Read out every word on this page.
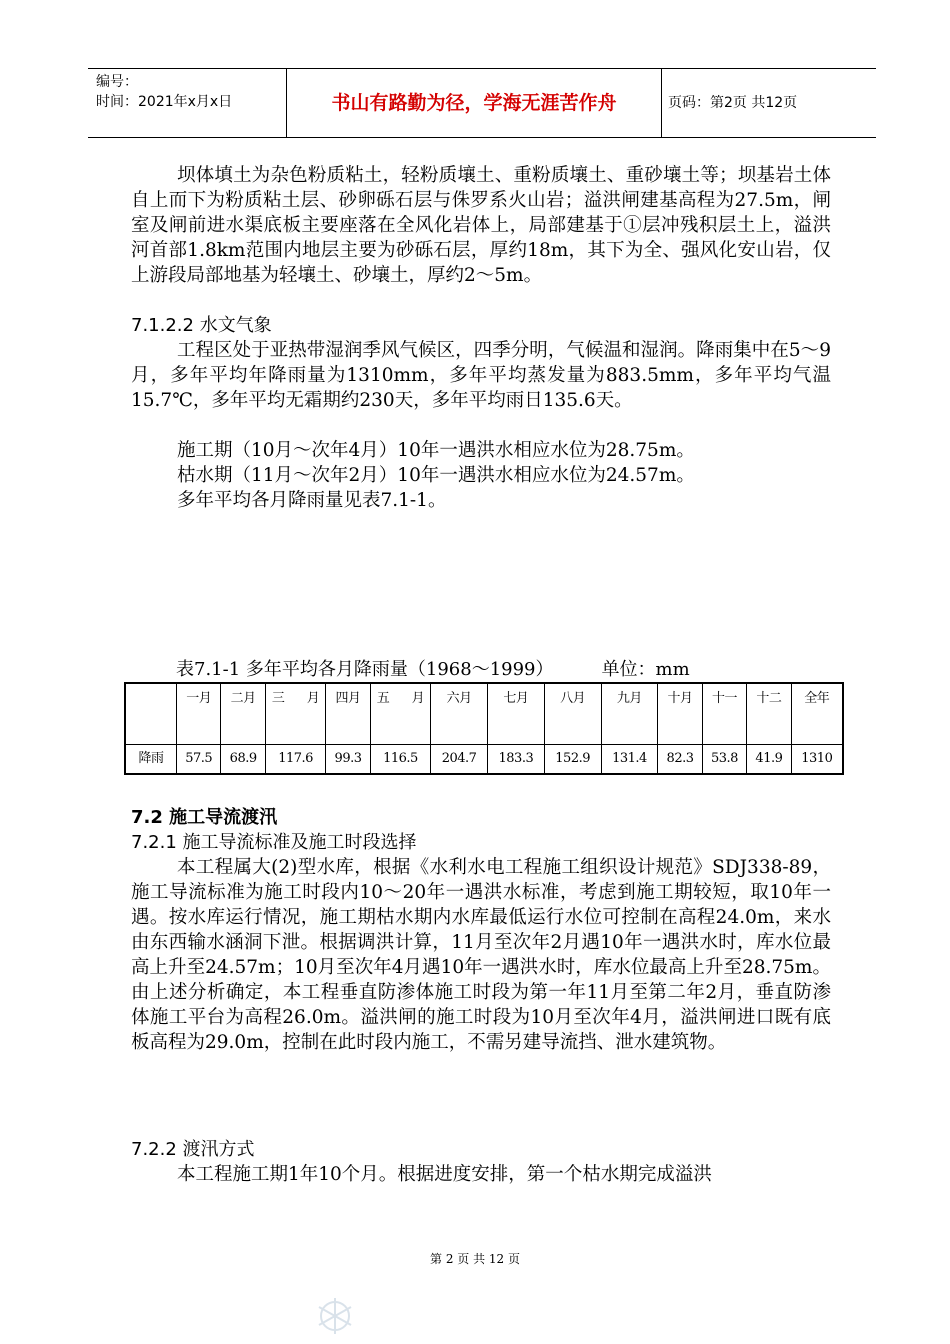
编号：
时间：2021年x月x日	书山有路勤为径，学海无涯苦作舟	页码：第2页 共12页
坝体填土为杂色粉质粘土，轻粉质壤土、重粉质壤土、重砂壤土等；坝基岩土体自上而下为粉质粘土层、砂卵砾石层与侏罗系火山岩；溢洪闸建基高程为27.5m，闸室及闸前进水渠底板主要座落在全风化岩体上，局部建基于①层冲残积层土上，溢洪河首部1.8km范围内地层主要为砂砾石层，厚约18m，其下为全、强风化安山岩，仅上游段局部地基为轻壤土、砂壤土，厚约2～5m。
7.1.2.2 水文气象
工程区处于亚热带湿润季风气候区，四季分明，气候温和湿润。降雨集中在5～9月，多年平均年降雨量为1310mm，多年平均蒸发量为883.5mm，多年平均气温15.7℃，多年平均无霜期约230天，多年平均雨日135.6天。
施工期（10月～次年4月）10年一遇洪水相应水位为28.75m。
枯水期（11月～次年2月）10年一遇洪水相应水位为24.57m。
多年平均各月降雨量见表7.1-1。
表7.1-1 多年平均各月降雨量（1968～1999）	单位：mm
	一月	二月	三月	四月	五月	六月	七月	八月	九月	十月	十一	十二	全年
降雨	57.5	68.9	117.6	99.3	116.5	204.7	183.3	152.9	131.4	82.3	53.8	41.9	1310
7.2 施工导流渡汛
7.2.1 施工导流标准及施工时段选择
本工程属大(2)型水库，根据《水利水电工程施工组织设计规范》SDJ338-89，施工导流标准为施工时段内10～20年一遇洪水标准，考虑到施工期较短，取10年一遇。按水库运行情况，施工期枯水期内水库最低运行水位可控制在高程24.0m，来水由东西输水涵洞下泄。根据调洪计算，11月至次年2月遇10年一遇洪水时，库水位最高上升至24.57m；10月至次年4月遇10年一遇洪水时，库水位最高上升至28.75m。由上述分析确定，本工程垂直防渗体施工时段为第一年11月至第二年2月，垂直防渗体施工平台为高程26.0m。溢洪闸的施工时段为10月至次年4月，溢洪闸进口既有底板高程为29.0m，控制在此时段内施工，不需另建导流挡、泄水建筑物。
7.2.2 渡汛方式
本工程施工期1年10个月。根据进度安排，第一个枯水期完成溢洪
第 2 页 共 12 页
